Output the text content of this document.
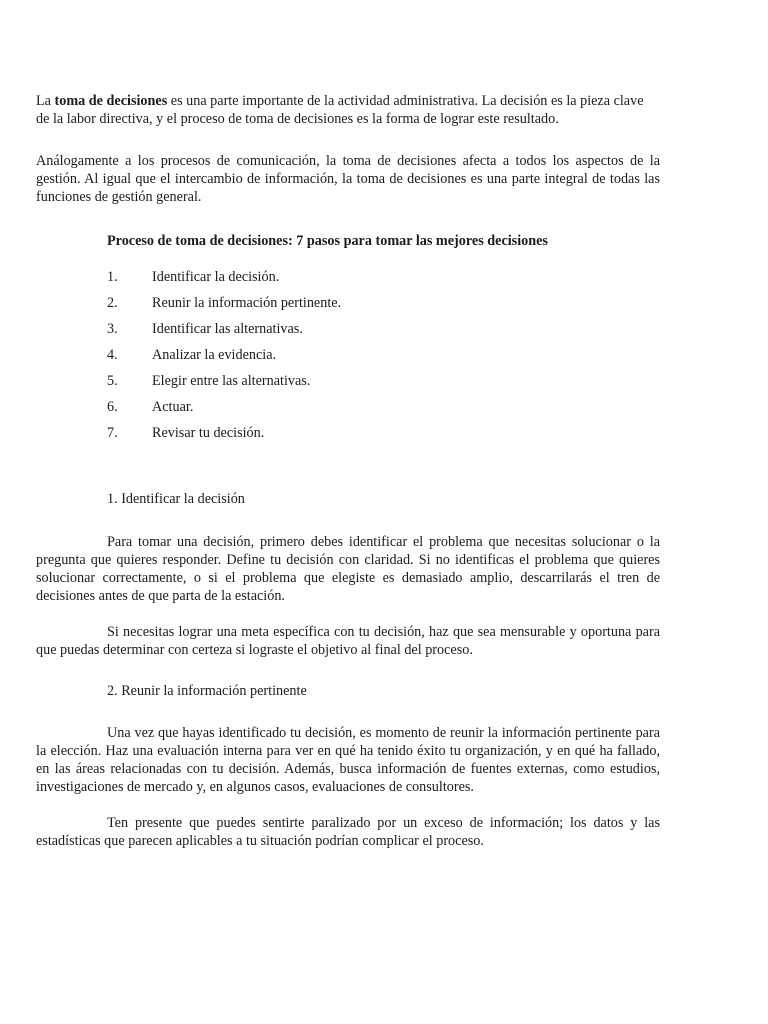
La toma de decisiones es una parte importante de la actividad administrativa. La decisión es la pieza clave de la labor directiva, y el proceso de toma de decisiones es la forma de lograr este resultado.

Análogamente a los procesos de comunicación, la toma de decisiones afecta a todos los aspectos de la gestión. Al igual que el intercambio de información, la toma de decisiones es una parte integral de todas las funciones de gestión general.

Proceso de toma de decisiones: 7 pasos para tomar las mejores decisiones

1. Identificar la decisión.
2. Reunir la información pertinente.
3. Identificar las alternativas.
4. Analizar la evidencia.
5. Elegir entre las alternativas.
6. Actuar.
7. Revisar tu decisión.
1. Identificar la decisión

Para tomar una decisión, primero debes identificar el problema que necesitas solucionar o la pregunta que quieres responder. Define tu decisión con claridad. Si no identificas el problema que quieres solucionar correctamente, o si el problema que elegiste es demasiado amplio, descarrilarás el tren de decisiones antes de que parta de la estación.

Si necesitas lograr una meta específica con tu decisión, haz que sea mensurable y oportuna para que puedas determinar con certeza si lograste el objetivo al final del proceso.

2. Reunir la información pertinente

Una vez que hayas identificado tu decisión, es momento de reunir la información pertinente para la elección. Haz una evaluación interna para ver en qué ha tenido éxito tu organización, y en qué ha fallado, en las áreas relacionadas con tu decisión. Además, busca información de fuentes externas, como estudios, investigaciones de mercado y, en algunos casos, evaluaciones de consultores.

Ten presente que puedes sentirte paralizado por un exceso de información; los datos y las estadísticas que parecen aplicables a tu situación podrían complicar el proceso.
